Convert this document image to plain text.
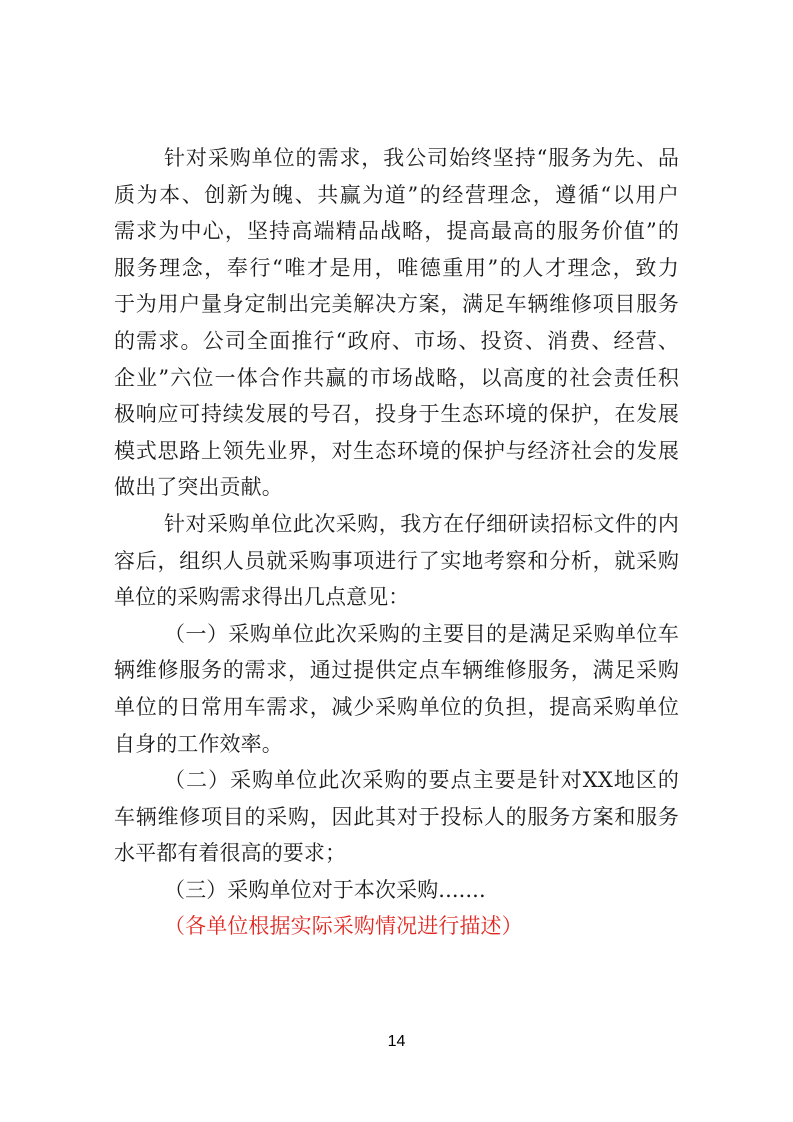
针对采购单位的需求，我公司始终坚持“服务为先、品
质为本、创新为魄、共赢为道”的经营理念，遵循“以用户
需求为中心，坚持高端精品战略，提高最高的服务价值”的
服务理念，奉行“唯才是用，唯德重用”的人才理念，致力
于为用户量身定制出完美解决方案，满足车辆维修项目服务
的需求。公司全面推行“政府、市场、投资、消费、经营、
企业”六位一体合作共赢的市场战略，以高度的社会责任积
极响应可持续发展的号召，投身于生态环境的保护，在发展
模式思路上领先业界，对生态环境的保护与经济社会的发展
做出了突出贡献。
针对采购单位此次采购，我方在仔细研读招标文件的内
容后，组织人员就采购事项进行了实地考察和分析，就采购
单位的采购需求得出几点意见：
（一）采购单位此次采购的主要目的是满足采购单位车
辆维修服务的需求，通过提供定点车辆维修服务，满足采购
单位的日常用车需求，减少采购单位的负担，提高采购单位
自身的工作效率。
（二）采购单位此次采购的要点主要是针对XX地区的
车辆维修项目的采购，因此其对于投标人的服务方案和服务
水平都有着很高的要求；
（三）采购单位对于本次采购.......
（各单位根据实际采购情况进行描述）
14
